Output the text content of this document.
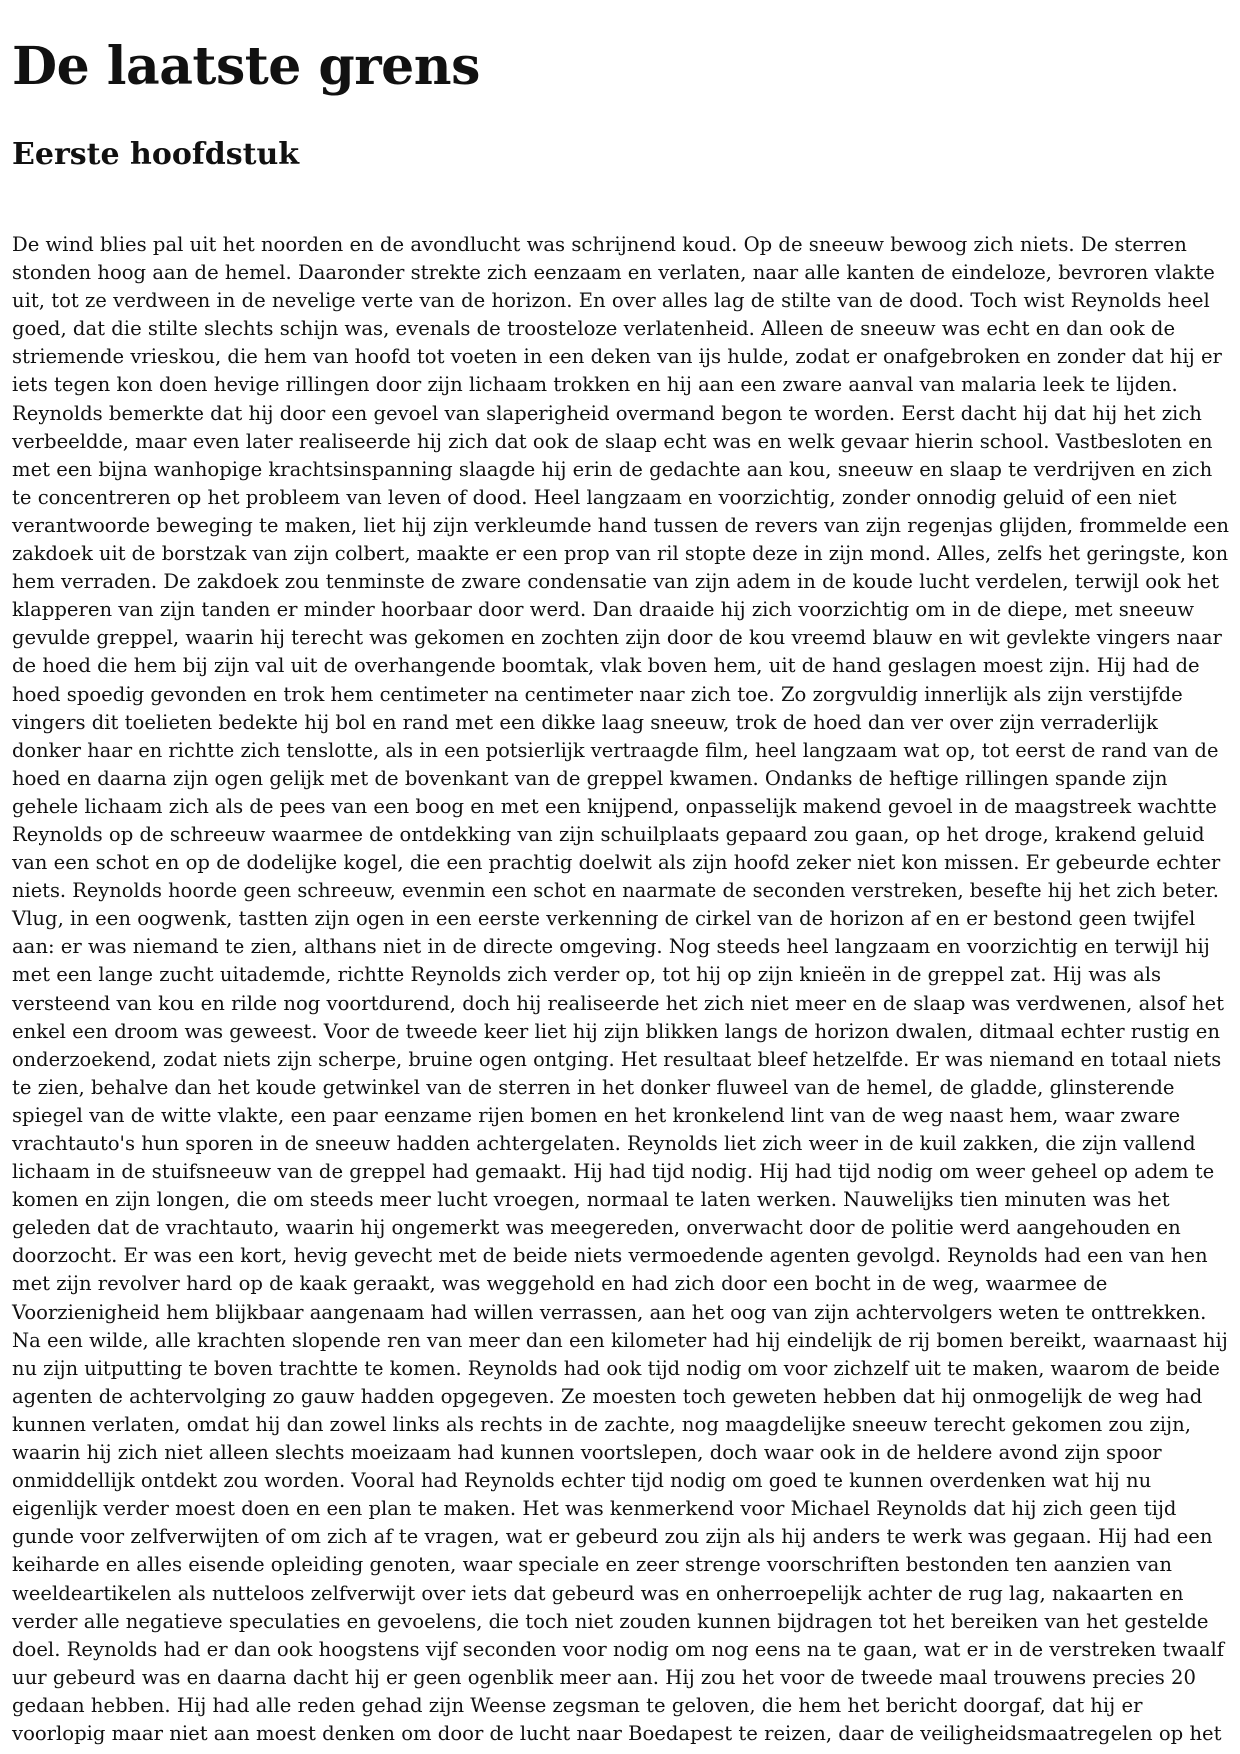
De laatste grens
Eerste hoofdstuk
De wind blies pal uit het noorden en de avondlucht was schrijnend koud. Op de sneeuw bewoog zich niets. De sterren
stonden hoog aan de hemel. Daaronder strekte zich eenzaam en verlaten, naar alle kanten de eindeloze, bevroren vlakte
uit, tot ze verdween in de nevelige verte van de horizon. En over alles lag de stilte van de dood. Toch wist Reynolds heel
goed, dat die stilte slechts schijn was, evenals de troosteloze verlatenheid. Alleen de sneeuw was echt en dan ook de
striemende vrieskou, die hem van hoofd tot voeten in een deken van ijs hulde, zodat er onafgebroken en zonder dat hij er
iets tegen kon doen hevige rillingen door zijn lichaam trokken en hij aan een zware aanval van malaria leek te lijden.
Reynolds bemerkte dat hij door een gevoel van slaperigheid overmand begon te worden. Eerst dacht hij dat hij het zich
verbeeldde, maar even later realiseerde hij zich dat ook de slaap echt was en welk gevaar hierin school. Vastbesloten en
met een bijna wanhopige krachtsinspanning slaagde hij erin de gedachte aan kou, sneeuw en slaap te verdrijven en zich
te concentreren op het probleem van leven of dood. Heel langzaam en voorzichtig, zonder onnodig geluid of een niet
verantwoorde beweging te maken, liet hij zijn verkleumde hand tussen de revers van zijn regenjas glijden, frommelde een
zakdoek uit de borstzak van zijn colbert, maakte er een prop van ril stopte deze in zijn mond. Alles, zelfs het geringste, kon
hem verraden. De zakdoek zou tenminste de zware condensatie van zijn adem in de koude lucht verdelen, terwijl ook het
klapperen van zijn tanden er minder hoorbaar door werd. Dan draaide hij zich voorzichtig om in de diepe, met sneeuw
gevulde greppel, waarin hij terecht was gekomen en zochten zijn door de kou vreemd blauw en wit gevlekte vingers naar
de hoed die hem bij zijn val uit de overhangende boomtak, vlak boven hem, uit de hand geslagen moest zijn. Hij had de
hoed spoedig gevonden en trok hem centimeter na centimeter naar zich toe. Zo zorgvuldig innerlijk als zijn verstijfde
vingers dit toelieten bedekte hij bol en rand met een dikke laag sneeuw, trok de hoed dan ver over zijn verraderlijk
donker haar en richtte zich tenslotte, als in een potsierlijk vertraagde film, heel langzaam wat op, tot eerst de rand van de
hoed en daarna zijn ogen gelijk met de bovenkant van de greppel kwamen. Ondanks de heftige rillingen spande zijn
gehele lichaam zich als de pees van een boog en met een knijpend, onpasselijk makend gevoel in de maagstreek wachtte
Reynolds op de schreeuw waarmee de ontdekking van zijn schuilplaats gepaard zou gaan, op het droge, krakend geluid
van een schot en op de dodelijke kogel, die een prachtig doelwit als zijn hoofd zeker niet kon missen. Er gebeurde echter
niets. Reynolds hoorde geen schreeuw, evenmin een schot en naarmate de seconden verstreken, besefte hij het zich beter.
Vlug, in een oogwenk, tastten zijn ogen in een eerste verkenning de cirkel van de horizon af en er bestond geen twijfel
aan: er was niemand te zien, althans niet in de directe omgeving. Nog steeds heel langzaam en voorzichtig en terwijl hij
met een lange zucht uitademde, richtte Reynolds zich verder op, tot hij op zijn knieën in de greppel zat. Hij was als
versteend van kou en rilde nog voortdurend, doch hij realiseerde het zich niet meer en de slaap was verdwenen, alsof het
enkel een droom was geweest. Voor de tweede keer liet hij zijn blikken langs de horizon dwalen, ditmaal echter rustig en
onderzoekend, zodat niets zijn scherpe, bruine ogen ontging. Het resultaat bleef hetzelfde. Er was niemand en totaal niets
te zien, behalve dan het koude getwinkel van de sterren in het donker fluweel van de hemel, de gladde, glinsterende
spiegel van de witte vlakte, een paar eenzame rijen bomen en het kronkelend lint van de weg naast hem, waar zware
vrachtauto's hun sporen in de sneeuw hadden achtergelaten. Reynolds liet zich weer in de kuil zakken, die zijn vallend
lichaam in de stuifsneeuw van de greppel had gemaakt. Hij had tijd nodig. Hij had tijd nodig om weer geheel op adem te
komen en zijn longen, die om steeds meer lucht vroegen, normaal te laten werken. Nauwelijks tien minuten was het
geleden dat de vrachtauto, waarin hij ongemerkt was meegereden, onverwacht door de politie werd aangehouden en
doorzocht. Er was een kort, hevig gevecht met de beide niets vermoedende agenten gevolgd. Reynolds had een van hen
met zijn revolver hard op de kaak geraakt, was weggehold en had zich door een bocht in de weg, waarmee de
Voorzienigheid hem blijkbaar aangenaam had willen verrassen, aan het oog van zijn achtervolgers weten te onttrekken.
Na een wilde, alle krachten slopende ren van meer dan een kilometer had hij eindelijk de rij bomen bereikt, waarnaast hij
nu zijn uitputting te boven trachtte te komen. Reynolds had ook tijd nodig om voor zichzelf uit te maken, waarom de beide
agenten de achtervolging zo gauw hadden opgegeven. Ze moesten toch geweten hebben dat hij onmogelijk de weg had
kunnen verlaten, omdat hij dan zowel links als rechts in de zachte, nog maagdelijke sneeuw terecht gekomen zou zijn,
waarin hij zich niet alleen slechts moeizaam had kunnen voortslepen, doch waar ook in de heldere avond zijn spoor
onmiddellijk ontdekt zou worden. Vooral had Reynolds echter tijd nodig om goed te kunnen overdenken wat hij nu
eigenlijk verder moest doen en een plan te maken. Het was kenmerkend voor Michael Reynolds dat hij zich geen tijd
gunde voor zelfverwijten of om zich af te vragen, wat er gebeurd zou zijn als hij anders te werk was gegaan. Hij had een
keiharde en alles eisende opleiding genoten, waar speciale en zeer strenge voorschriften bestonden ten aanzien van
weeldeartikelen als nutteloos zelfverwijt over iets dat gebeurd was en onherroepelijk achter de rug lag, nakaarten en
verder alle negatieve speculaties en gevoelens, die toch niet zouden kunnen bijdragen tot het bereiken van het gestelde
doel. Reynolds had er dan ook hoogstens vijf seconden voor nodig om nog eens na te gaan, wat er in de verstreken twaalf
uur gebeurd was en daarna dacht hij er geen ogenblik meer aan. Hij zou het voor de tweede maal trouwens precies 20
gedaan hebben. Hij had alle reden gehad zijn Weense zegsman te geloven, die hem het bericht doorgaf, dat hij er
voorlopig maar niet aan moest denken om door de lucht naar Boedapest te reizen, daar de veiligheidsmaatregelen op het
